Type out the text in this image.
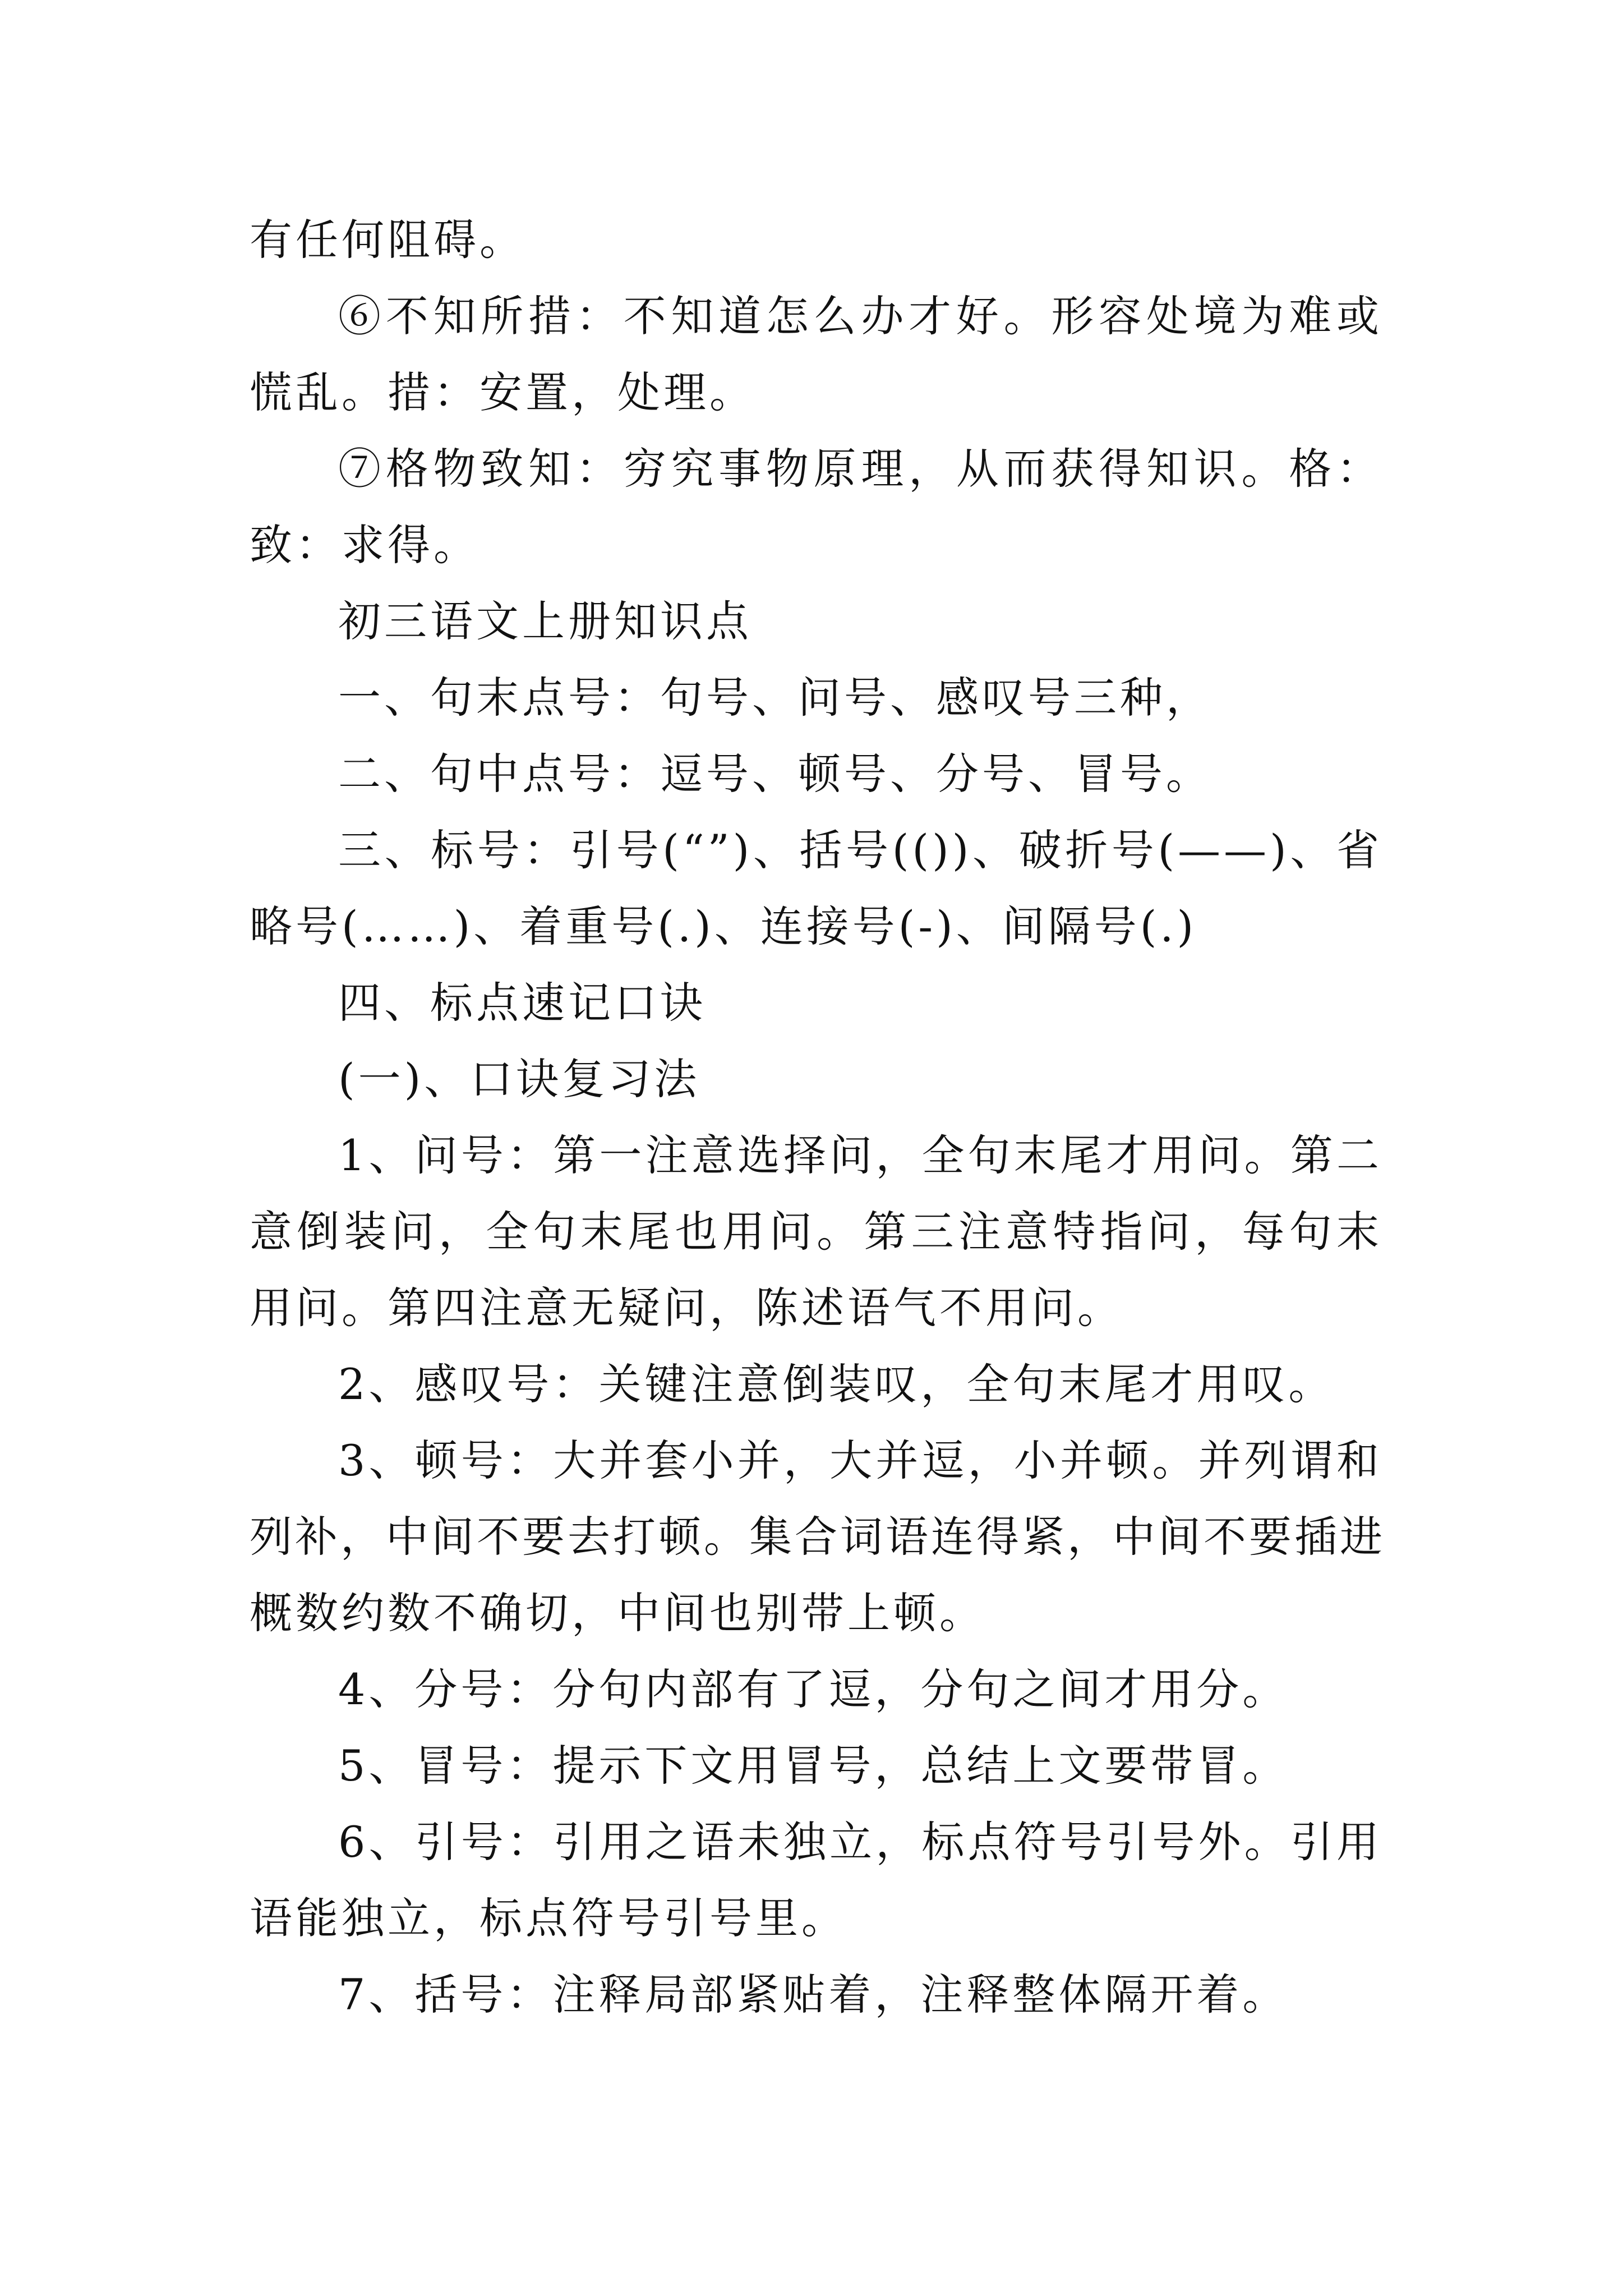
有任何阻碍。
⑥不知所措：不知道怎么办才好。形容处境为难或
慌乱。措：安置，处理。
⑦格物致知：穷究事物原理，从而获得知识。格：
致：求得。
初三语文上册知识点
一、句末点号：句号、问号、感叹号三种，
二、句中点号：逗号、顿号、分号、冒号。
三、标号：引号(“”)、括号(())、破折号(——)、省
略号(……)、着重号(.)、连接号(-)、间隔号(.)
四、标点速记口诀
(一)、口诀复习法
1、问号：第一注意选择问，全句末尾才用问。第二
意倒装问，全句末尾也用问。第三注意特指问，每句末
用问。第四注意无疑问，陈述语气不用问。
2、感叹号：关键注意倒装叹，全句末尾才用叹。
3、顿号：大并套小并，大并逗，小并顿。并列谓和
列补，中间不要去打顿。集合词语连得紧，中间不要插进
概数约数不确切，中间也别带上顿。
4、分号：分句内部有了逗，分句之间才用分。
5、冒号：提示下文用冒号，总结上文要带冒。
6、引号：引用之语未独立，标点符号引号外。引用
语能独立，标点符号引号里。
7、括号：注释局部紧贴着，注释整体隔开着。
